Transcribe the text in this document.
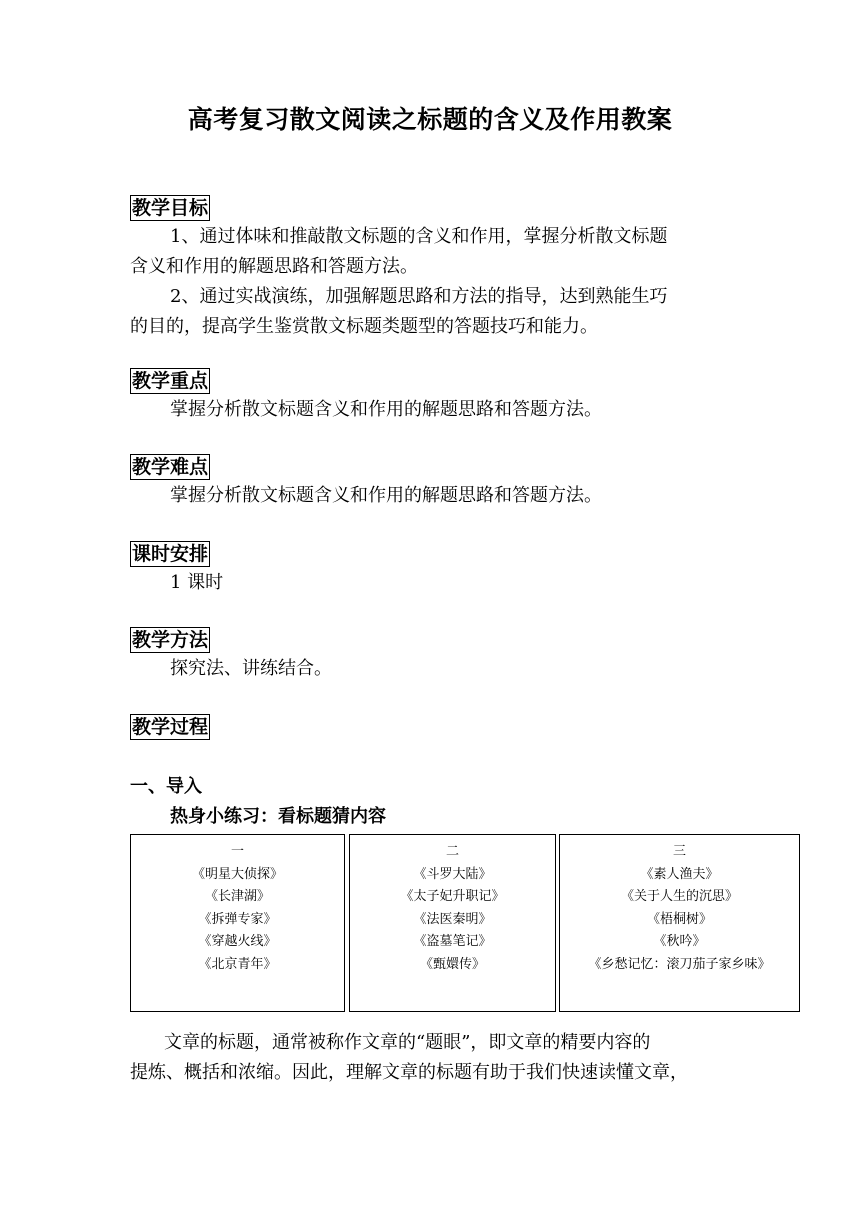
高考复习散文阅读之标题的含义及作用教案
教学目标
1、通过体味和推敲散文标题的含义和作用，掌握分析散文标题
含义和作用的解题思路和答题方法。
2、通过实战演练，加强解题思路和方法的指导，达到熟能生巧
的目的，提高学生鉴赏散文标题类题型的答题技巧和能力。
教学重点
掌握分析散文标题含义和作用的解题思路和答题方法。
教学难点
掌握分析散文标题含义和作用的解题思路和答题方法。
课时安排
1 课时
教学方法
探究法、讲练结合。
教学过程
一、导入
热身小练习：看标题猜内容
一
《明星大侦探》
《长津湖》
《拆弹专家》
《穿越火线》
《北京青年》
二
《斗罗大陆》
《太子妃升职记》
《法医秦明》
《盗墓笔记》
《甄嬛传》
三
《素人渔夫》
《关于人生的沉思》
《梧桐树》
《秋吟》
《乡愁记忆：滚刀茄子家乡味》
文章的标题，通常被称作文章的“题眼”，即文章的精要内容的
提炼、概括和浓缩。因此，理解文章的标题有助于我们快速读懂文章，
